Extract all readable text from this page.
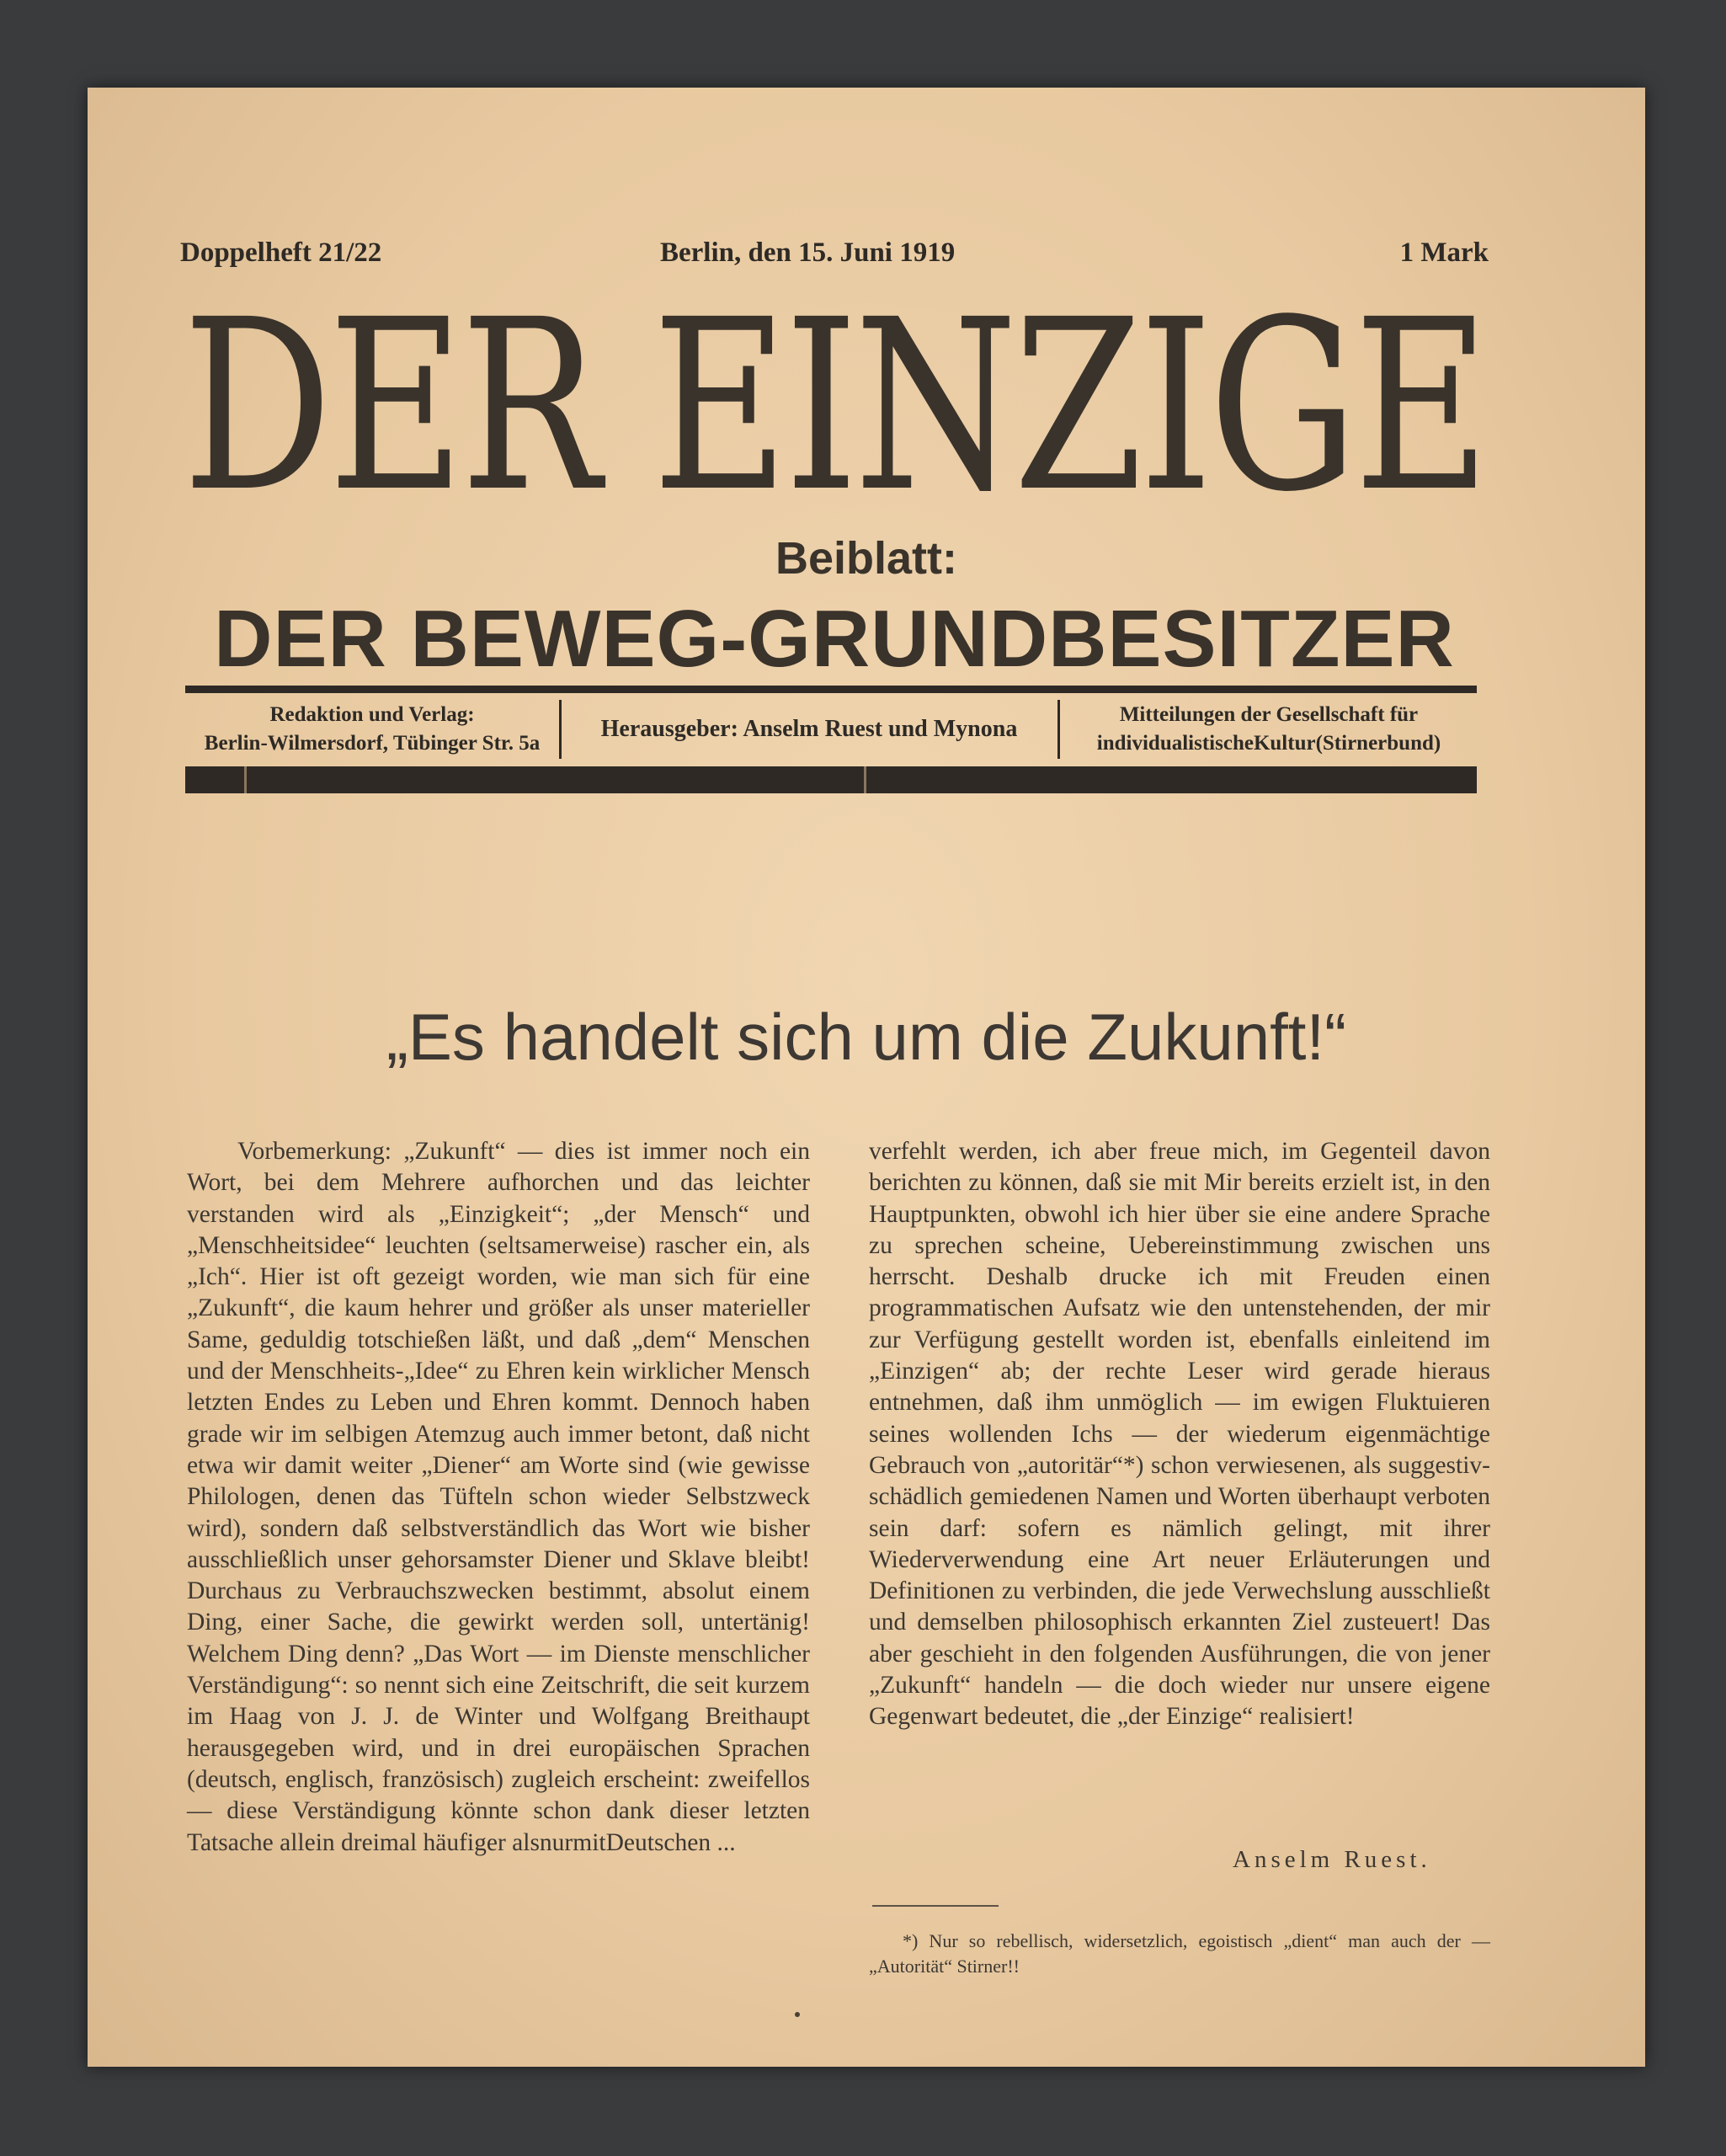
Doppelheft 21/22	Berlin, den 15. Juni 1919	1 Mark
DER EINZIGE
Beiblatt:
DER BEWEG-GRUNDBESITZER
Redaktion und Verlag:
Berlin-Wilmersdorf, Tübinger Str. 5a
Herausgeber: Anselm Ruest und Mynona
Mitteilungen der Gesellschaft für
individualistischeKultur(Stirnerbund)
„Es handelt sich um die Zukunft!“
Vorbemerkung: „Zukunft“ — dies ist immer noch ein Wort, bei dem Mehrere aufhorchen und das leichter verstanden wird als „Einzigkeit“; „der Mensch“ und „Menschheitsidee“ leuchten (seltsamerweise) rascher ein, als „Ich“. Hier ist oft gezeigt worden, wie man sich für eine „Zukunft“, die kaum hehrer und größer als unser materieller Same, geduldig totschießen läßt, und daß „dem“ Menschen und der Menschheits-„Idee“ zu Ehren kein wirklicher Mensch letzten Endes zu Leben und Ehren kommt. Dennoch haben grade wir im selbigen Atemzug auch immer betont, daß nicht etwa wir damit weiter „Diener“ am Worte sind (wie gewisse Philologen, denen das Tüfteln schon wieder Selbstzweck wird), sondern daß selbstverständlich das Wort wie bisher ausschließlich unser gehorsamster Diener und Sklave bleibt! Durchaus zu Verbrauchszwecken bestimmt, absolut einem Ding, einer Sache, die gewirkt werden soll, untertänig! Welchem Ding denn? „Das Wort — im Dienste menschlicher Verständigung“: so nennt sich eine Zeitschrift, die seit kurzem im Haag von J. J. de Winter und Wolfgang Breithaupt herausgegeben wird, und in drei europäischen Sprachen (deutsch, englisch, französisch) zugleich erscheint: zweifellos — diese Verständigung könnte schon dank dieser letzten Tatsache allein dreimal häufiger alsnurmitDeutschen ...
verfehlt werden, ich aber freue mich, im Gegenteil davon berichten zu können, daß sie mit Mir bereits erzielt ist, in den Hauptpunkten, obwohl ich hier über sie eine andere Sprache zu sprechen scheine, Uebereinstimmung zwischen uns herrscht. Deshalb drucke ich mit Freuden einen programmatischen Aufsatz wie den untenstehenden, der mir zur Verfügung gestellt worden ist, ebenfalls einleitend im „Einzigen“ ab; der rechte Leser wird gerade hieraus entnehmen, daß ihm unmöglich — im ewigen Fluktuieren seines wollenden Ichs — der wiederum eigenmächtige Gebrauch von „autoritär“*) schon verwiesenen, als suggestiv-schädlich gemiedenen Namen und Worten überhaupt verboten sein darf: sofern es nämlich gelingt, mit ihrer Wiederverwendung eine Art neuer Erläuterungen und Definitionen zu verbinden, die jede Verwechslung ausschließt und demselben philosophisch erkannten Ziel zusteuert! Das aber geschieht in den folgenden Ausführungen, die von jener „Zukunft“ handeln — die doch wieder nur unsere eigene Gegenwart bedeutet, die „der Einzige“ realisiert!
Anselm Ruest.
*) Nur so rebellisch, widersetzlich, egoistisch „dient“ man auch der — „Autorität“ Stirner!!
